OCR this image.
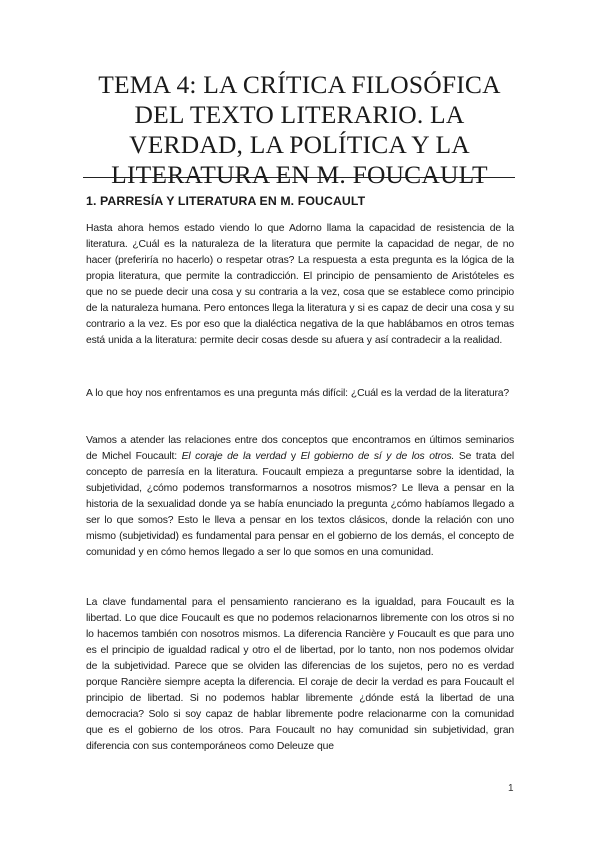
TEMA 4: LA CRÍTICA FILOSÓFICA DEL TEXTO LITERARIO. LA VERDAD, LA POLÍTICA Y LA LITERATURA EN M. FOUCAULT
1. PARRESÍA Y LITERATURA EN M. FOUCAULT

Hasta ahora hemos estado viendo lo que Adorno llama la capacidad de resistencia de la literatura. ¿Cuál es la naturaleza de la literatura que permite la capacidad de negar, de no hacer (preferiría no hacerlo) o respetar otras? La respuesta a esta pregunta es la lógica de la propia literatura, que permite la contradicción. El principio de pensamiento de Aristóteles es que no se puede decir una cosa y su contraria a la vez, cosa que se establece como principio de la naturaleza humana. Pero entonces llega la literatura y si es capaz de decir una cosa y su contrario a la vez. Es por eso que la dialéctica negativa de la que hablábamos en otros temas está unida a la literatura: permite decir cosas desde su afuera y así contradecir a la realidad.

A lo que hoy nos enfrentamos es una pregunta más difícil: ¿Cuál es la verdad de la literatura?

Vamos a atender las relaciones entre dos conceptos que encontramos en últimos seminarios de Michel Foucault: El coraje de la verdad y El gobierno de sí y de los otros. Se trata del concepto de parresía en la literatura. Foucault empieza a preguntarse sobre la identidad, la subjetividad, ¿cómo podemos transformarnos a nosotros mismos? Le lleva a pensar en la historia de la sexualidad donde ya se había enunciado la pregunta ¿cómo habíamos llegado a ser lo que somos? Esto le lleva a pensar en los textos clásicos, donde la relación con uno mismo (subjetividad) es fundamental para pensar en el gobierno de los demás, el concepto de comunidad y en cómo hemos llegado a ser lo que somos en una comunidad.

La clave fundamental para el pensamiento rancierano es la igualdad, para Foucault es la libertad. Lo que dice Foucault es que no podemos relacionarnos libremente con los otros si no lo hacemos también con nosotros mismos. La diferencia Rancière y Foucault es que para uno es el principio de igualdad radical y otro el de libertad, por lo tanto, non nos podemos olvidar de la subjetividad. Parece que se olviden las diferencias de los sujetos, pero no es verdad porque Rancière siempre acepta la diferencia. El coraje de decir la verdad es para Foucault el principio de libertad. Si no podemos hablar libremente ¿dónde está la libertad de una democracia? Solo si soy capaz de hablar libremente podre relacionarme con la comunidad que es el gobierno de los otros. Para Foucault no hay comunidad sin subjetividad, gran diferencia con sus contemporáneos como Deleuze que

1
